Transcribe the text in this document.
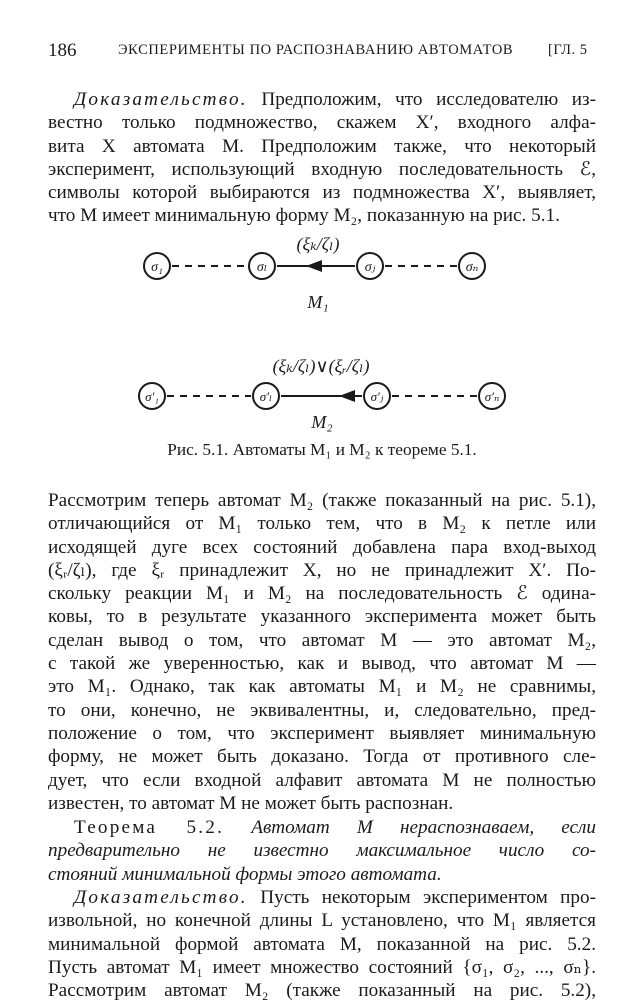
186	ЭКСПЕРИМЕНТЫ ПО РАСПОЗНАВАНИЮ АВТОМАТОВ [ГЛ. 5
Доказательство. Предположим, что исследователю из-
вестно только подмножество, скажем X′, входного алфа-
вита X автомата M. Предположим также, что некоторый
эксперимент, использующий входную последовательность ℰ,
символы которой выбираются из подмножества X′, выявляет,
что M имеет минимальную форму M₂, показанную на рис. 5.1.
σ₁	σₗ	σⱼ	σₙ
(ξₖ/ζₗ)
M₁
σ′₁	σ′ₗ	σ′ⱼ	σ′ₙ
(ξₖ/ζₗ)∨(ξᵣ/ζₗ)
M₂
Рис. 5.1. Автоматы M₁ и M₂ к теореме 5.1.
Рассмотрим теперь автомат M₂ (также показанный на рис. 5.1),
отличающийся от M₁ только тем, что в M₂ к петле или
исходящей дуге всех состояний добавлена пара вход-выход
(ξᵣ/ζₗ), где ξᵣ принадлежит X, но не принадлежит X′. По-
скольку реакции M₁ и M₂ на последовательность ℰ одина-
ковы, то в результате указанного эксперимента может быть
сделан вывод о том, что автомат M — это автомат M₂,
с такой же уверенностью, как и вывод, что автомат M —
это M₁. Однако, так как автоматы M₁ и M₂ не сравнимы,
то они, конечно, не эквивалентны, и, следовательно, пред-
положение о том, что эксперимент выявляет минимальную
форму, не может быть доказано. Тогда от противного сле-
дует, что если входной алфавит автомата M не полностью
известен, то автомат M не может быть распознан.
Теорема 5.2. Автомат M нераспознаваем, если
предварительно не известно максимальное число со-
стояний минимальной формы этого автомата.
Доказательство. Пусть некоторым экспериментом про-
извольной, но конечной длины L установлено, что M₁ является
минимальной формой автомата M, показанной на рис. 5.2.
Пусть автомат M₁ имеет множество состояний {σ₁, σ₂, ..., σₙ}.
Рассмотрим автомат M₂ (также показанный на рис. 5.2),
